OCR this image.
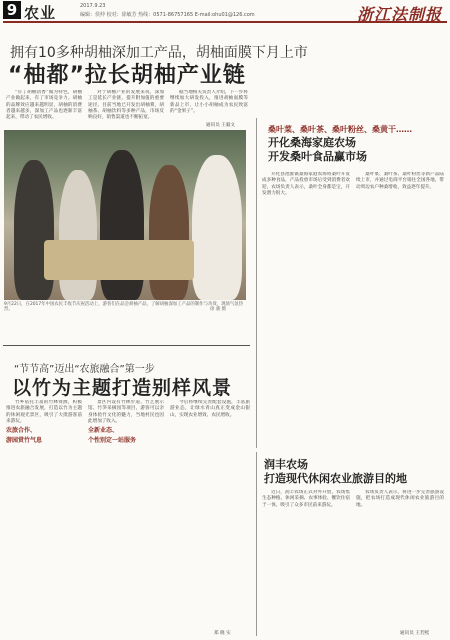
9 农业	2017.9.23
编辑：侯仲 校对：徐敏芳 热线：0571-86757165 E-mail:ohu01@126.com	浙江法制报
拥有10多种胡柚深加工产品，胡柚面膜下月上市
“柚都”拉长胡柚产业链

“有了胡柚清香”做为特色，胡柚产业做起来，有了市场竞争力。胡柚的品牌效应越来越明显，胡柚的消费者越来越多，深加工产品也逐渐丰富起来，带动了农民增收。

对于胡柚产业的发展来说，深加工是延长产业链、提升附加值的重要途径。目前当地已开发出胡柚膏、胡柚茶、胡柚饮料等多种产品，市场反响良好，销售渠道也不断拓宽。

据当地相关负责人介绍，下一步将继续加大研发投入，推进胡柚面膜等新品上市，让小小胡柚成为农民致富的“金果子”。

通讯员 王毅文
9月22日，在2017年中国农民丰收节庆祝活动上，游客们在品尝胡柚产品，了解胡柚深加工产品的制作与功效，现场气氛热烈。	徐 骏 摄
桑叶菜、桑叶茶、桑叶粉丝、桑黄干……
开化桑海家庭农场
开发桑叶食品赢市场

开化县池淮镇桑海家庭农场将桑叶开发成多种食品，产品投放市场后受到消费者欢迎，农场负责人表示，桑叶全身都是宝，开发潜力很大。

桑叶菜、桑叶茶、桑叶粉丝等新产品陆续上市，并通过电商平台销往全国各地，带动周边农户种桑增收，效益逐年提升。

“节节高”迈出“农旅融合”第一步
以竹为主题打造别样风景

竹乡依托丰富的竹林资源，积极推进农旅融合发展，打造以竹为主题的休闲观光景区，吸引了大批游客前来游玩。

农旅合作、
游园赏竹气息

景区内设有竹林步道、竹艺展示馆、竹笋采摘园等项目，游客可以亲身体验竹文化的魅力，当地村民也因此增加了收入。

全新业态、
个性别定一站服务

今后将继续完善配套设施，丰富旅游业态，让绿水青山真正变成金山银山，实现农业增效、农民增收。

郑 晓 实
润丰农场
打造现代休闲农业旅游目的地

近日，润丰农场正式对外开放，农场集生态种植、休闲采摘、农事体验、餐饮住宿于一体，吸引了众多市民前来游玩。

农场负责人表示，将进一步完善旅游设施，把农场打造成现代休闲农业旅游目的地。

通讯员 王若熙
